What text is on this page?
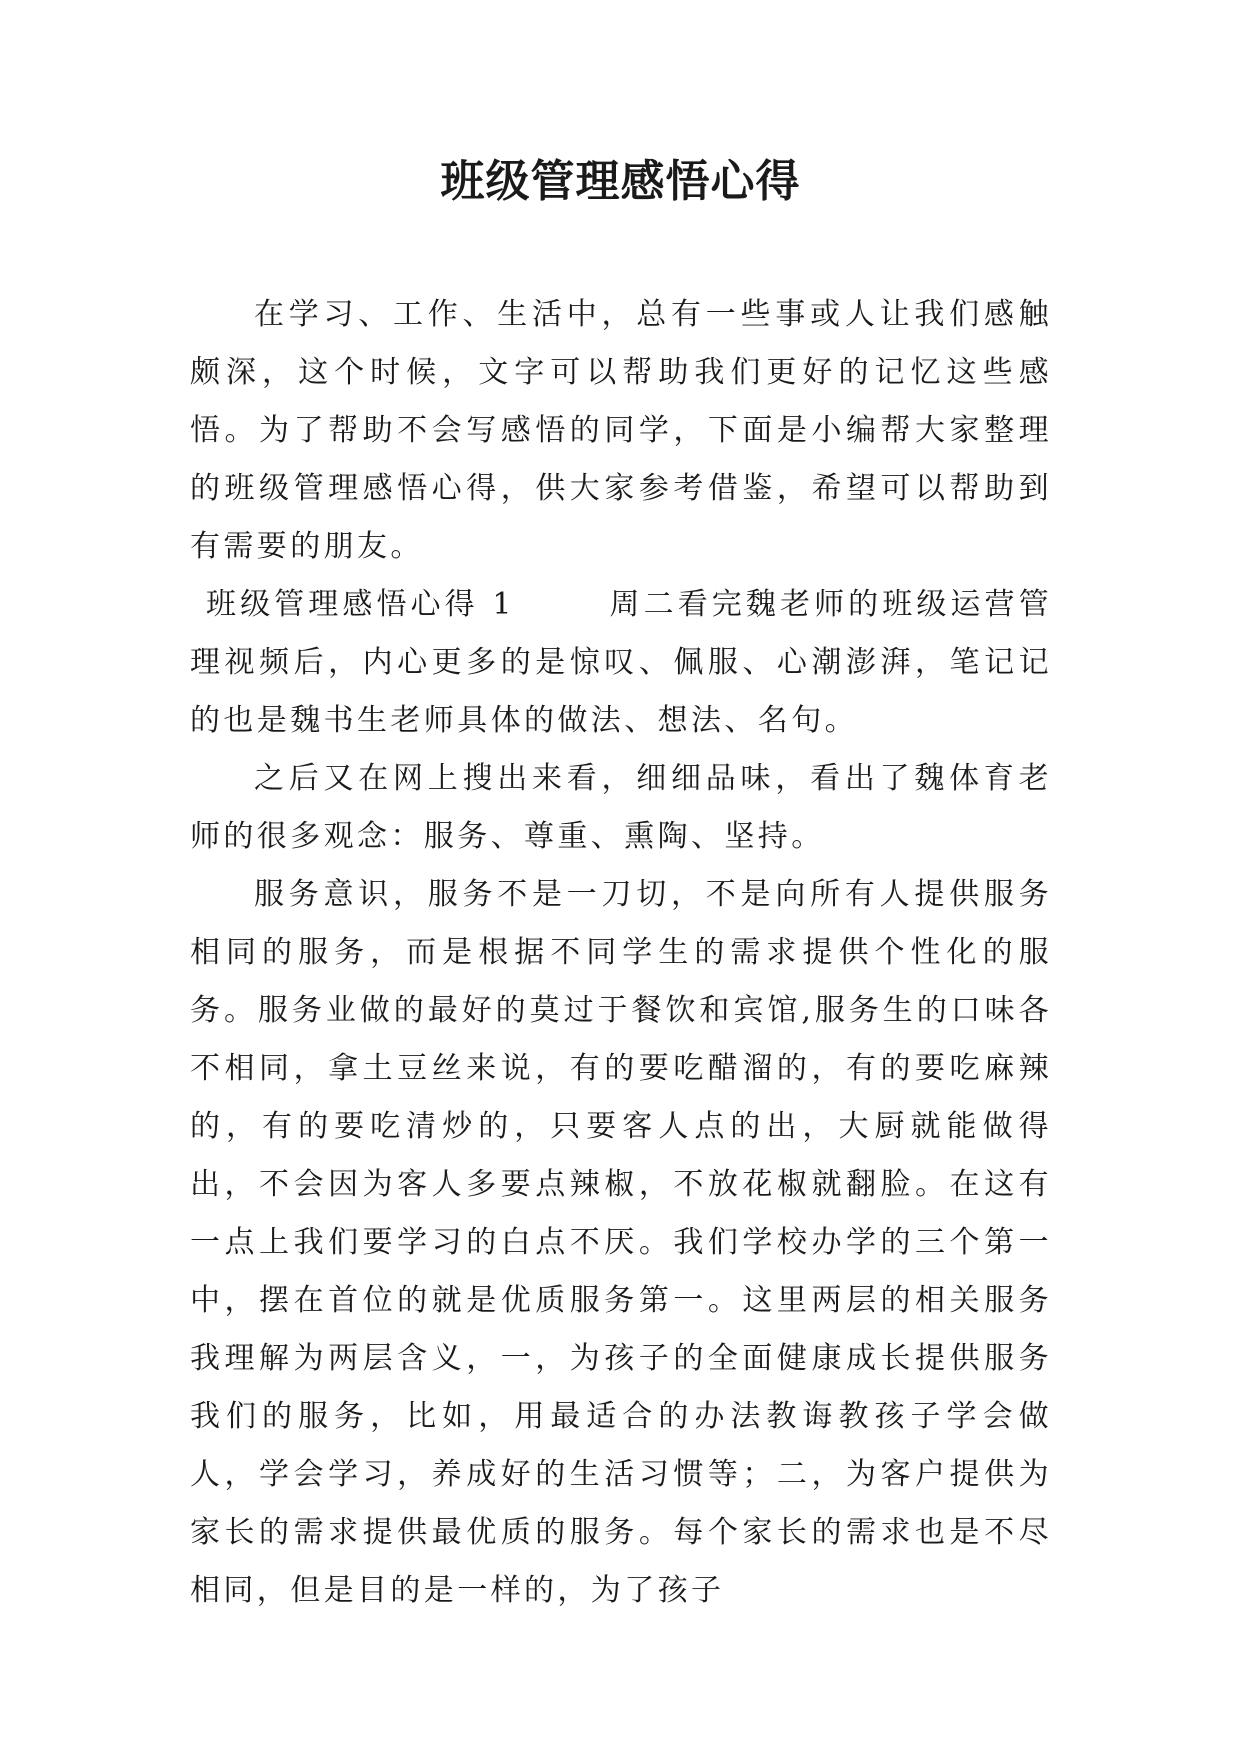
班级管理感悟心得

在学习、工作、生活中，总有一些事或人让我们感触颇深，这个时候，文字可以帮助我们更好的记忆这些感悟。为了帮助不会写感悟的同学，下面是小编帮大家整理的班级管理感悟心得，供大家参考借鉴，希望可以帮助到有需要的朋友。

班级管理感悟心得 1	周二看完魏老师的班级运营管理视频后，内心更多的是惊叹、佩服、心潮澎湃，笔记记的也是魏书生老师具体的做法、想法、名句。

之后又在网上搜出来看，细细品味，看出了魏体育老师的很多观念：服务、尊重、熏陶、坚持。

服务意识，服务不是一刀切，不是向所有人提供服务相同的服务，而是根据不同学生的需求提供个性化的服务。服务业做的最好的莫过于餐饮和宾馆,服务生的口味各不相同，拿土豆丝来说，有的要吃醋溜的，有的要吃麻辣的，有的要吃清炒的，只要客人点的出，大厨就能做得出，不会因为客人多要点辣椒，不放花椒就翻脸。在这有一点上我们要学习的白点不厌。我们学校办学的三个第一中，摆在首位的就是优质服务第一。这里两层的相关服务我理解为两层含义，一，为孩子的全面健康成长提供服务我们的服务，比如，用最适合的办法教诲教孩子学会做人，学会学习，养成好的生活习惯等；二，为客户提供为家长的需求提供最优质的服务。每个家长的需求也是不尽相同，但是目的是一样的，为了孩子
